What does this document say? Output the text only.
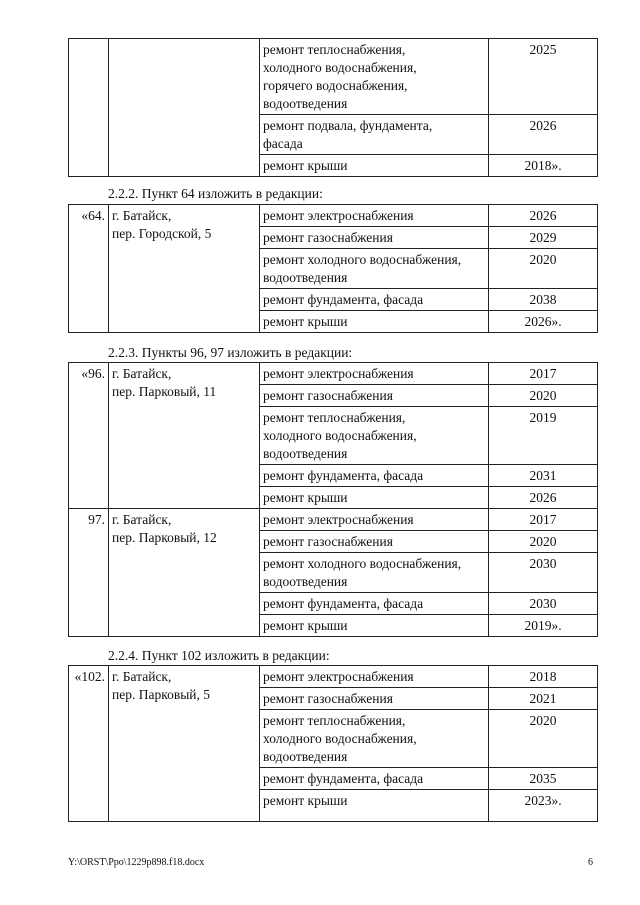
		ремонт теплоснабжения,
холодного водоснабжения,
горячего водоснабжения,
водоотведения	2025
		ремонт подвала, фундамента,
фасада	2026
		ремонт крыши	2018».
2.2.2. Пункт 64 изложить в редакции:
«64.	г. Батайск,
пер. Городской, 5	ремонт электроснабжения	2026
		ремонт газоснабжения	2029
		ремонт холодного водоснабжения,
водоотведения	2020
		ремонт фундамента, фасада	2038
		ремонт крыши	2026».
2.2.3. Пункты 96, 97 изложить в редакции:
«96.	г. Батайск,
пер. Парковый, 11	ремонт электроснабжения	2017
		ремонт газоснабжения	2020
		ремонт теплоснабжения,
холодного водоснабжения,
водоотведения	2019
		ремонт фундамента, фасада	2031
		ремонт крыши	2026
97.	г. Батайск,
пер. Парковый, 12	ремонт электроснабжения	2017
		ремонт газоснабжения	2020
		ремонт холодного водоснабжения,
водоотведения	2030
		ремонт фундамента, фасада	2030
		ремонт крыши	2019».
2.2.4. Пункт 102 изложить в редакции:
«102.	г. Батайск,
пер. Парковый, 5	ремонт электроснабжения	2018
		ремонт газоснабжения	2021
		ремонт теплоснабжения,
холодного водоснабжения,
водоотведения	2020
		ремонт фундамента, фасада	2035
		ремонт крыши	2023».
Y:\ORST\Ppo\1229p898.f18.docx	6
